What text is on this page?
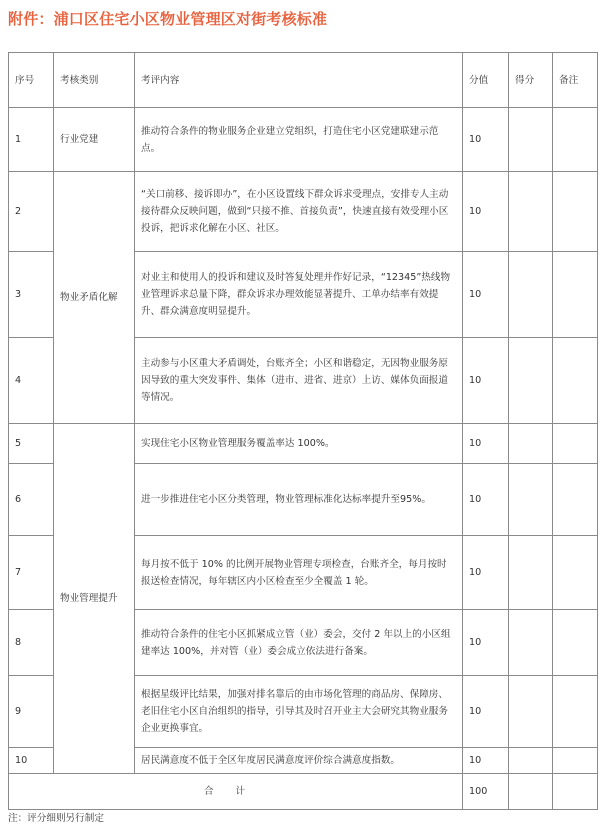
附件：浦口区住宅小区物业管理区对街考核标准
序号	考核类别	考评内容	分值	得分	备注
1	行业党建	推动符合条件的物业服务企业建立党组织，打造住宅小区党建联建示范点。	10		
2	物业矛盾化解	“关口前移、接诉即办”，在小区设置线下群众诉求受理点，安排专人主动接待群众反映问题，做到“只接不推、首接负责”，快速直接有效受理小区投诉，把诉求化解在小区、社区。	10		
3		对业主和使用人的投诉和建议及时答复处理并作好记录，“12345”热线物业管理诉求总量下降，群众诉求办理效能显著提升、工单办结率有效提升、群众满意度明显提升。	10		
4		主动参与小区重大矛盾调处，台账齐全；小区和谐稳定，无因物业服务原因导致的重大突发事件、集体（进市、进省、进京）上访、媒体负面报道等情况。	10		
5	物业管理提升	实现住宅小区物业管理服务覆盖率达 100%。	10		
6		进一步推进住宅小区分类管理，物业管理标准化达标率提升至95%。	10		
7		每月按不低于 10% 的比例开展物业管理专项检查，台账齐全，每月按时报送检查情况，每年辖区内小区检查至少全覆盖 1 轮。	10		
8		推动符合条件的住宅小区抓紧成立管（业）委会，交付 2 年以上的小区组建率达 100%，并对管（业）委会成立依法进行备案。	10		
9		根据星级评比结果，加强对排名靠后的由市场化管理的商品房、保障房、老旧住宅小区自治组织的指导，引导其及时召开业主大会研究其物业服务企业更换事宜。	10		
10		居民满意度不低于全区年度居民满意度评价综合满意度指数。	10		
合计			100		
注：评分细则另行制定
